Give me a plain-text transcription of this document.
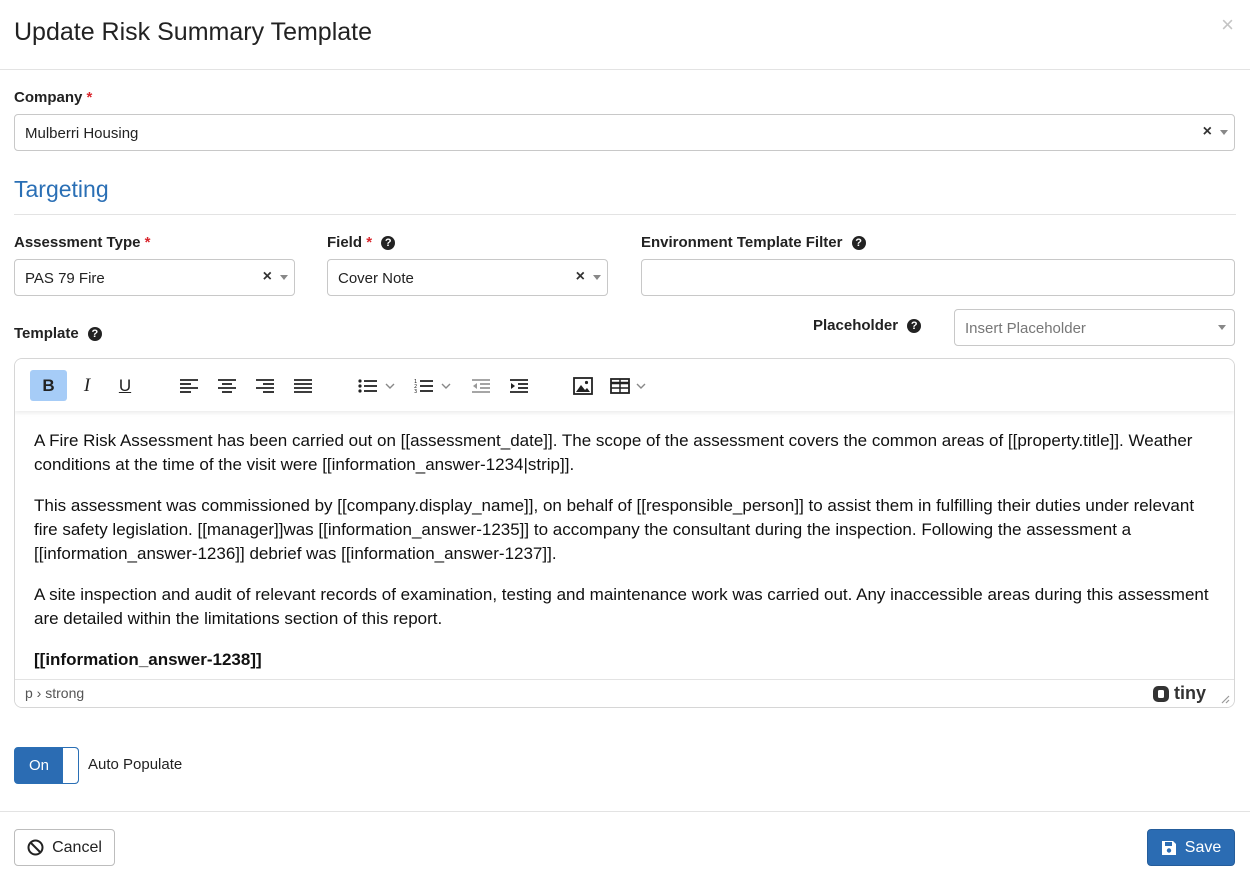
Update Risk Summary Template	×
Company *
Mulberri Housing	×
Targeting
Assessment Type *
PAS 79 Fire	×
Field * ?
Cover Note	×
Environment Template Filter ?
Template ?	Placeholder ?	Insert Placeholder
B I U	1
2
3

A Fire Risk Assessment has been carried out on [[assessment_date]]. The scope of the assessment covers the common areas of [[property.title]]. Weather conditions at the time of the visit were [[information_answer-1234|strip]].

This assessment was commissioned by [[company.display_name]], on behalf of [[responsible_person]] to assist them in fulfilling their duties under relevant fire safety legislation. [[manager]]was [[information_answer-1235]] to accompany the consultant during the inspection. Following the assessment a [[information_answer-1236]] debrief was [[information_answer-1237]].

A site inspection and audit of relevant records of examination, testing and maintenance work was carried out. Any inaccessible areas during this assessment are detailed within the limitations section of this report.

[[information_answer-1238]]

p › strong	tiny
On	Auto Populate
Cancel	Save
